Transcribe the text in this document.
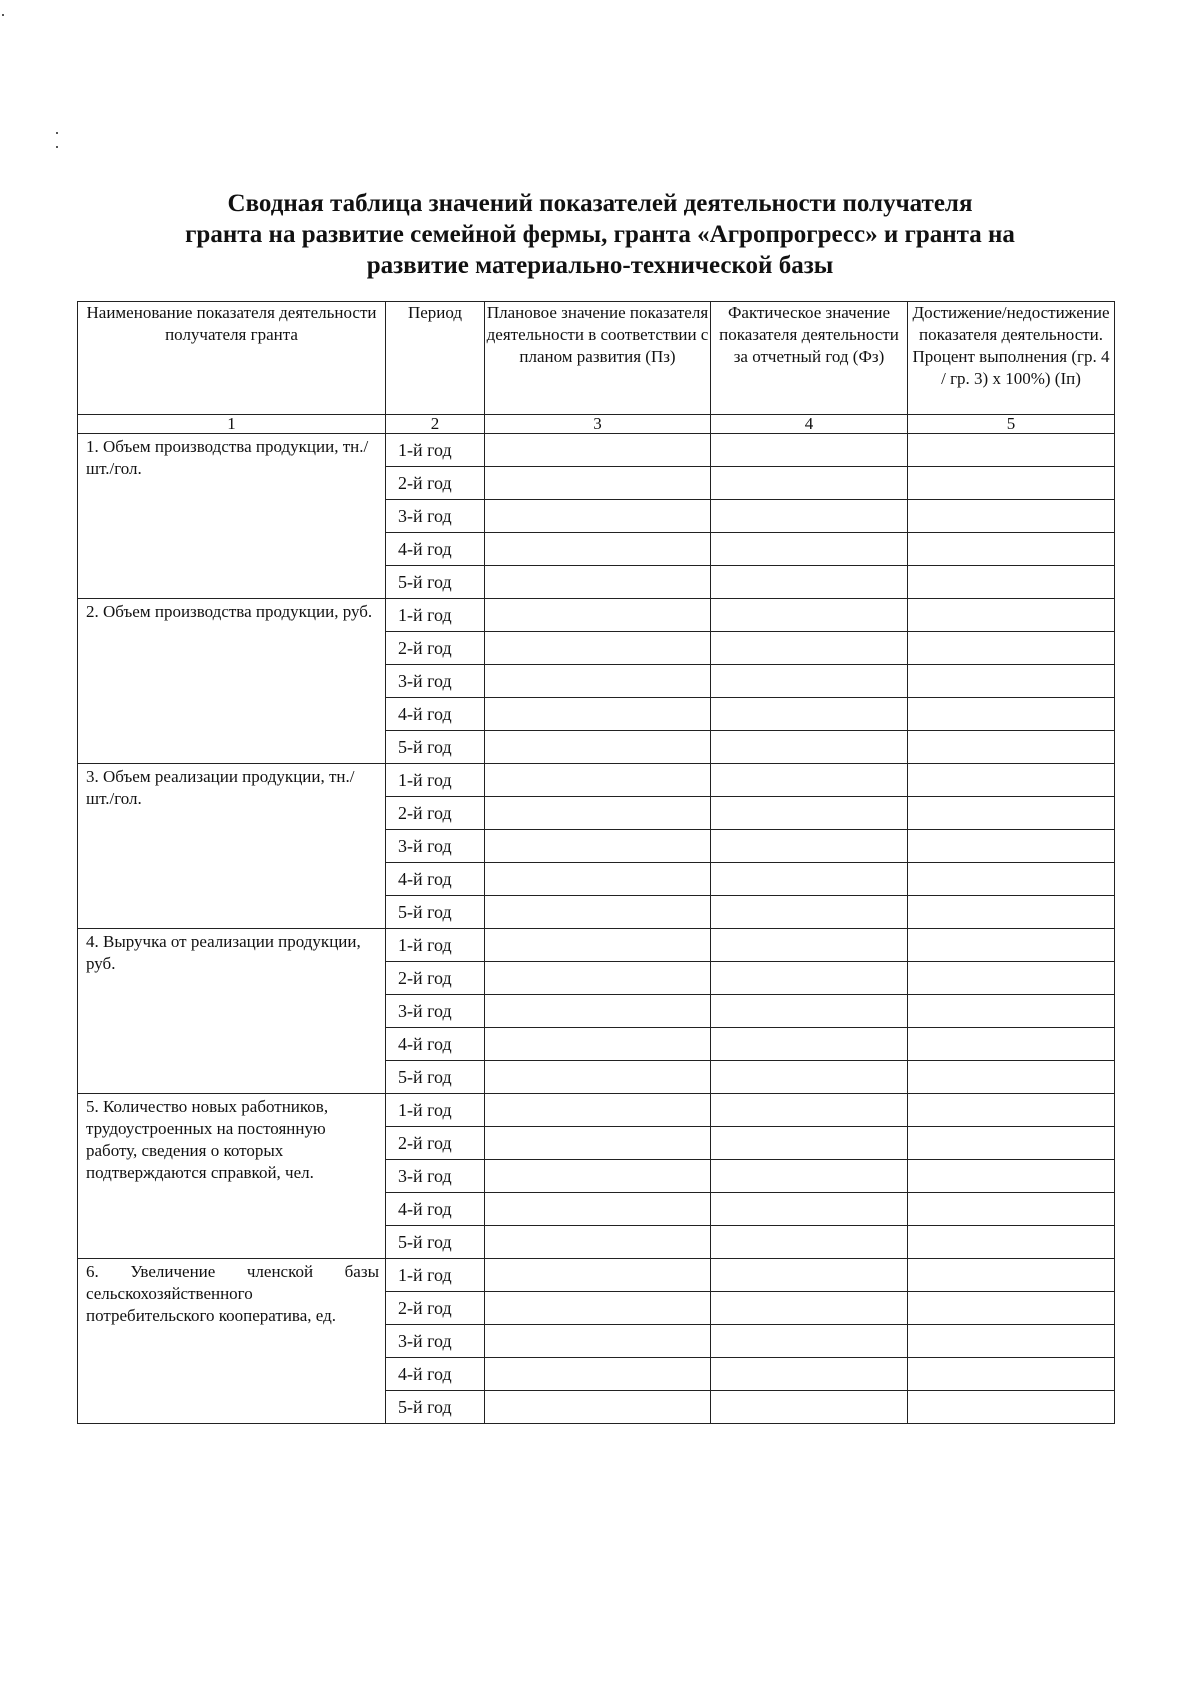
Сводная таблица значений показателей деятельности получателя
гранта на развитие семейной фермы, гранта «Агропрогресс» и гранта на
развитие материально-технической базы
Наименование показателя деятельности получателя гранта	Период	Плановое значение показателя деятельности в соответствии с планом развития (Пз)	Фактическое значение показателя деятельности за отчетный год (Фз)	Достижение/недостижение показателя деятельности. Процент выполнения (гр. 4 / гр. 3) х 100%) (Iп)
1	2	3	4	5
1. Объем производства продукции, тн./шт./гол.	1-й год			
	2-й год			
	3-й год			
	4-й год			
	5-й год			
2. Объем производства продукции, руб.	1-й год			
	2-й год			
	3-й год			
	4-й год			
	5-й год			
3. Объем реализации продукции, тн./шт./гол.	1-й год			
	2-й год			
	3-й год			
	4-й год			
	5-й год			
4. Выручка от реализации продукции, руб.	1-й год			
	2-й год			
	3-й год			
	4-й год			
	5-й год			
5. Количество новых работников, трудоустроенных на постоянную работу, сведения о которых подтверждаются справкой, чел.	1-й год			
	2-й год			
	3-й год			
	4-й год			
	5-й год			
6. Увеличение членской базы сельскохозяйственного потребительского кооператива, ед.	1-й год			
	2-й год			
	3-й год			
	4-й год			
	5-й год			
